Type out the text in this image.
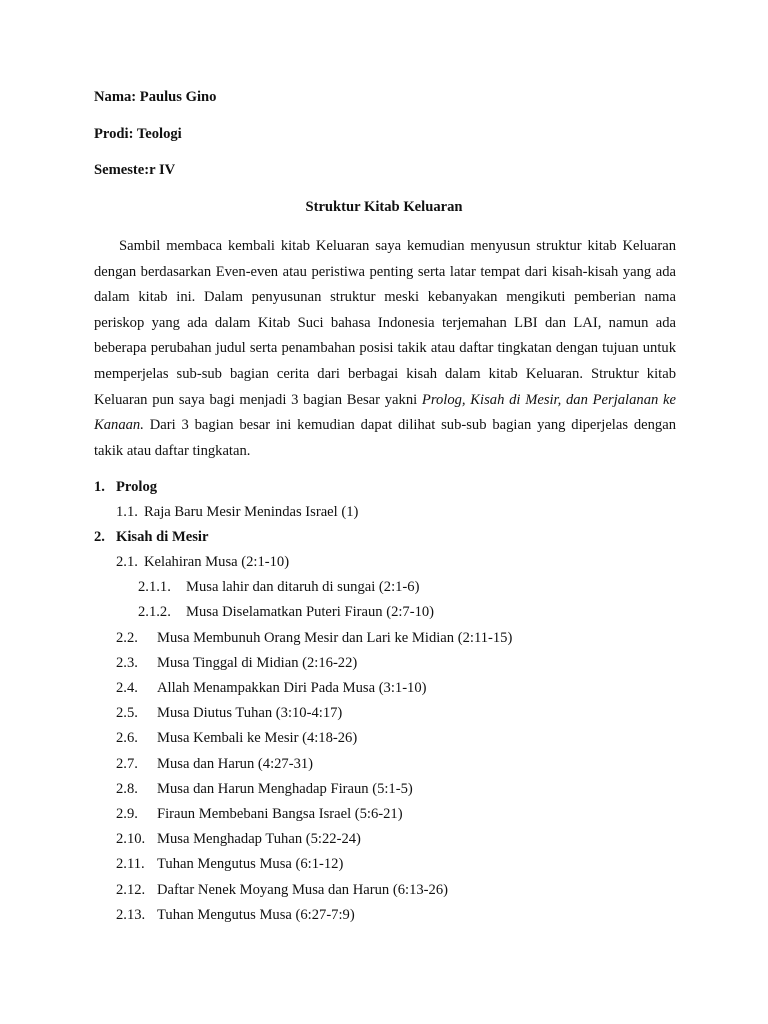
Nama: Paulus Gino
Prodi: Teologi
Semeste:r IV
Struktur Kitab Keluaran
Sambil membaca kembali kitab Keluaran saya kemudian menyusun struktur kitab Keluaran dengan berdasarkan Even-even atau peristiwa penting serta latar tempat dari kisah-kisah yang ada dalam kitab ini. Dalam penyusunan struktur meski kebanyakan mengikuti pemberian nama periskop yang ada dalam Kitab Suci bahasa Indonesia terjemahan LBI dan LAI, namun ada beberapa perubahan judul serta penambahan posisi takik atau daftar tingkatan dengan tujuan untuk memperjelas sub-sub bagian cerita dari berbagai kisah dalam kitab Keluaran. Struktur kitab Keluaran pun saya bagi menjadi 3 bagian Besar yakni Prolog, Kisah di Mesir, dan Perjalanan ke Kanaan. Dari 3 bagian besar ini kemudian dapat dilihat sub-sub bagian yang diperjelas dengan takik atau daftar tingkatan.
1. Prolog
1.1. Raja Baru Mesir Menindas Israel (1)
2. Kisah di Mesir
2.1. Kelahiran Musa (2:1-10)
2.1.1. Musa lahir dan ditaruh di sungai (2:1-6)
2.1.2. Musa Diselamatkan Puteri Firaun (2:7-10)
2.2. Musa Membunuh Orang Mesir dan Lari ke Midian (2:11-15)
2.3. Musa Tinggal di Midian (2:16-22)
2.4. Allah Menampakkan Diri Pada Musa (3:1-10)
2.5. Musa Diutus Tuhan (3:10-4:17)
2.6. Musa Kembali ke Mesir (4:18-26)
2.7. Musa dan Harun (4:27-31)
2.8. Musa dan Harun Menghadap Firaun (5:1-5)
2.9. Firaun Membebani Bangsa Israel (5:6-21)
2.10. Musa Menghadap Tuhan (5:22-24)
2.11. Tuhan Mengutus Musa (6:1-12)
2.12. Daftar Nenek Moyang Musa dan Harun (6:13-26)
2.13. Tuhan Mengutus Musa (6:27-7:9)
